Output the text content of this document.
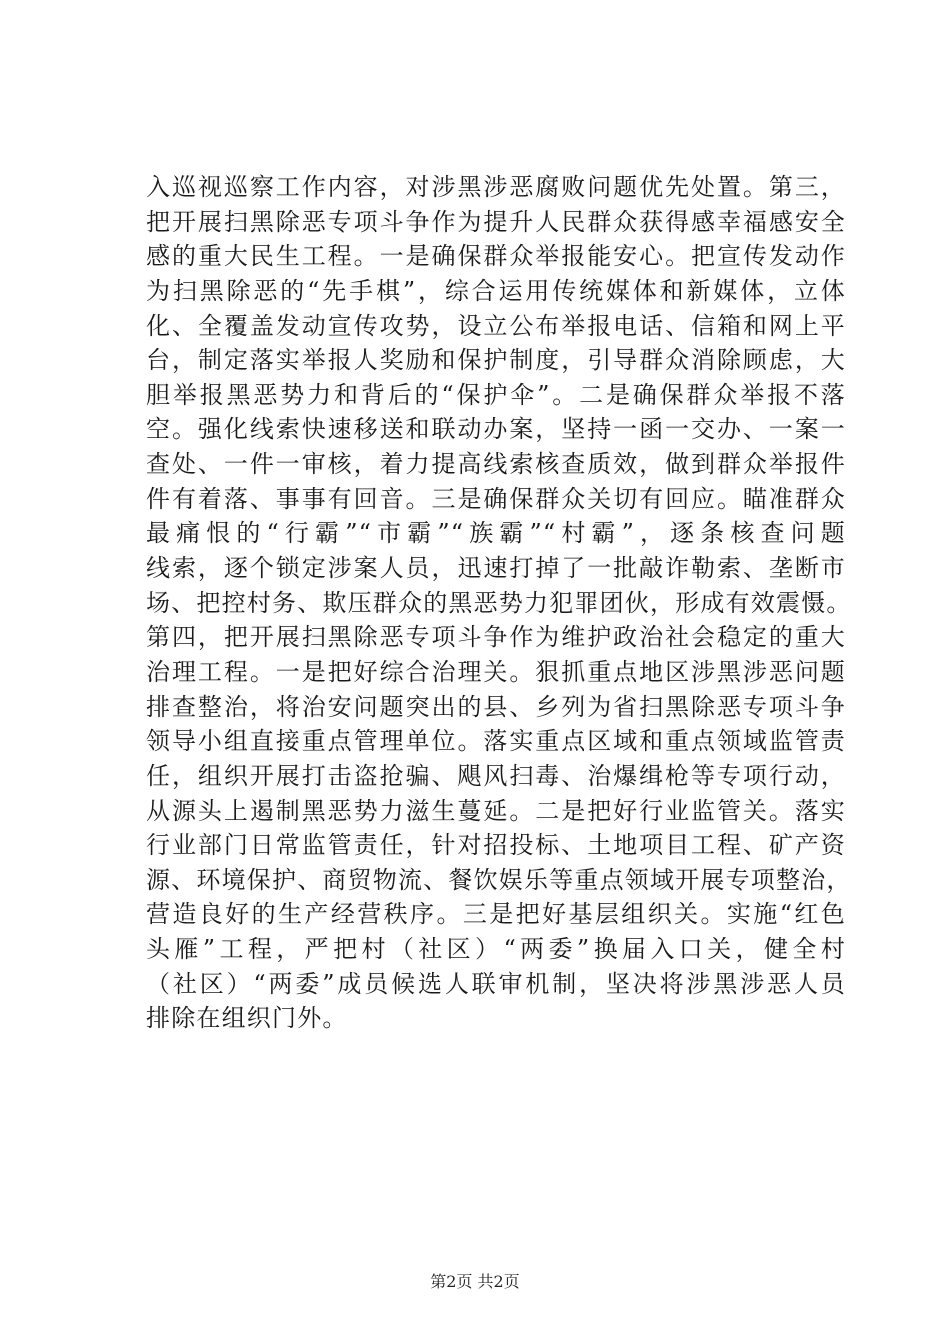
入巡视巡察工作内容，对涉黑涉恶腐败问题优先处置。第三，
把开展扫黑除恶专项斗争作为提升人民群众获得感幸福感安全
感的重大民生工程。一是确保群众举报能安心。把宣传发动作
为扫黑除恶的“先手棋”，综合运用传统媒体和新媒体，立体
化、全覆盖发动宣传攻势，设立公布举报电话、信箱和网上平
台，制定落实举报人奖励和保护制度，引导群众消除顾虑，大
胆举报黑恶势力和背后的“保护伞”。二是确保群众举报不落
空。强化线索快速移送和联动办案，坚持一函一交办、一案一
查处、一件一审核，着力提高线索核查质效，做到群众举报件
件有着落、事事有回音。三是确保群众关切有回应。瞄准群众
最痛恨的“行霸”“市霸”“族霸”“村霸”，逐条核查问题
线索，逐个锁定涉案人员，迅速打掉了一批敲诈勒索、垄断市
场、把控村务、欺压群众的黑恶势力犯罪团伙，形成有效震慑。
第四，把开展扫黑除恶专项斗争作为维护政治社会稳定的重大
治理工程。一是把好综合治理关。狠抓重点地区涉黑涉恶问题
排查整治，将治安问题突出的县、乡列为省扫黑除恶专项斗争
领导小组直接重点管理单位。落实重点区域和重点领域监管责
任，组织开展打击盗抢骗、飓风扫毒、治爆缉枪等专项行动，
从源头上遏制黑恶势力滋生蔓延。二是把好行业监管关。落实
行业部门日常监管责任，针对招投标、土地项目工程、矿产资
源、环境保护、商贸物流、餐饮娱乐等重点领域开展专项整治，
营造良好的生产经营秩序。三是把好基层组织关。实施“红色
头雁”工程，严把村（社区）“两委”换届入口关，健全村
（社区）“两委”成员候选人联审机制，坚决将涉黑涉恶人员
排除在组织门外。
第2页 共2页
